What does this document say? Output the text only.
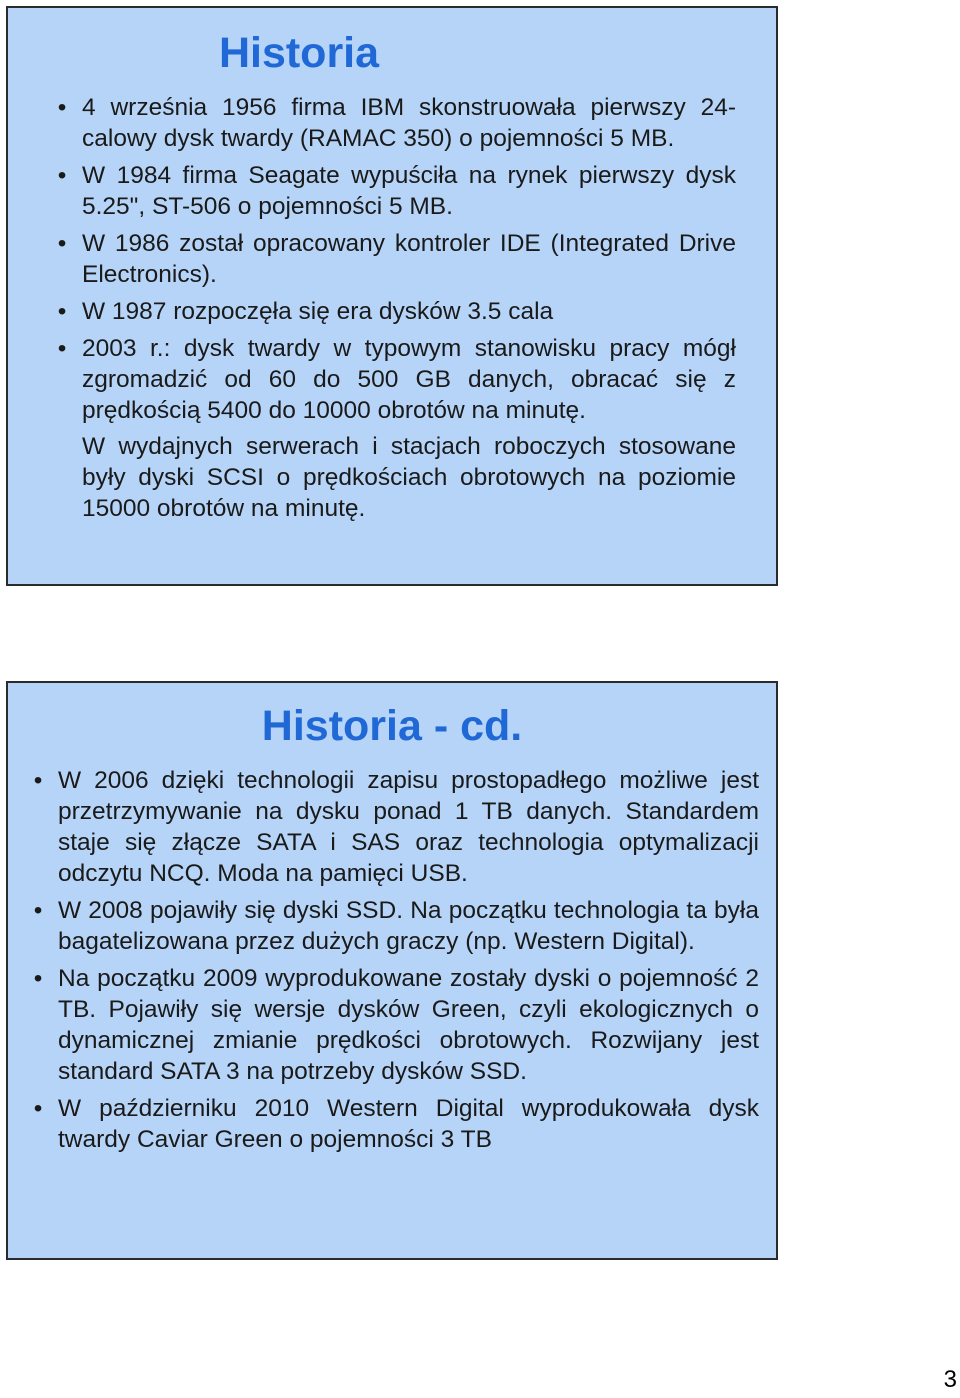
Historia
• 4 września 1956 firma IBM skonstruowała pierwszy 24-calowy dysk twardy (RAMAC 350) o pojemności 5 MB.
• W 1984 firma Seagate wypuściła na rynek pierwszy dysk 5.25", ST-506 o pojemności 5 MB.
• W 1986 został opracowany kontroler IDE (Integrated Drive Electronics).
• W 1987 rozpoczęła się era dysków 3.5 cala
• 2003 r.: dysk twardy w typowym stanowisku pracy mógł zgromadzić od 60 do 500 GB danych, obracać się z prędkością 5400 do 10000 obrotów na minutę.
W wydajnych serwerach i stacjach roboczych stosowane były dyski SCSI o prędkościach obrotowych na poziomie 15000 obrotów na minutę.
Historia - cd.
• W 2006 dzięki technologii zapisu prostopadłego możliwe jest przetrzymywanie na dysku ponad 1 TB danych. Standardem staje się złącze SATA i SAS oraz technologia optymalizacji odczytu NCQ. Moda na pamięci USB.
• W 2008 pojawiły się dyski SSD. Na początku technologia ta była bagatelizowana przez dużych graczy (np. Western Digital).
• Na początku 2009 wyprodukowane zostały dyski o pojemność 2 TB. Pojawiły się wersje dysków Green, czyli ekologicznych o dynamicznej zmianie prędkości obrotowych. Rozwijany jest standard SATA 3 na potrzeby dysków SSD.
• W październiku 2010 Western Digital wyprodukowała dysk twardy Caviar Green o pojemności 3 TB
3
